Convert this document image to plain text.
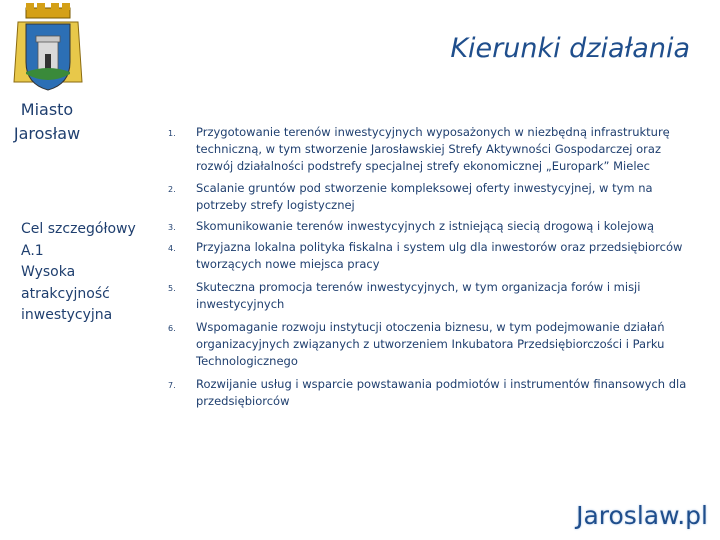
Miasto
Jarosław
Kierunki działania
Cel szczegółowy
A.1
Wysoka
atrakcyjność
inwestycyjna
1. Przygotowanie terenów inwestycyjnych wyposażonych w niezbędną infrastrukturę techniczną, w tym stworzenie Jarosławskiej Strefy Aktywności Gospodarczej oraz rozwój działalności podstrefy specjalnej strefy ekonomicznej „Europark” Mielec
2. Scalanie gruntów pod stworzenie kompleksowej oferty inwestycyjnej, w tym na potrzeby strefy logistycznej
3. Skomunikowanie terenów inwestycyjnych z istniejącą siecią drogową i kolejową
4. Przyjazna lokalna polityka fiskalna i system ulg dla inwestorów oraz przedsiębiorców tworzących nowe miejsca pracy
5. Skuteczna promocja terenów inwestycyjnych, w tym organizacja forów i misji inwestycyjnych
6. Wspomaganie rozwoju instytucji otoczenia biznesu, w tym podejmowanie działań organizacyjnych związanych z utworzeniem Inkubatora Przedsiębiorczości i Parku Technologicznego
7. Rozwijanie usług i wsparcie powstawania podmiotów i instrumentów finansowych dla przedsiębiorców
Jaroslaw.pl
